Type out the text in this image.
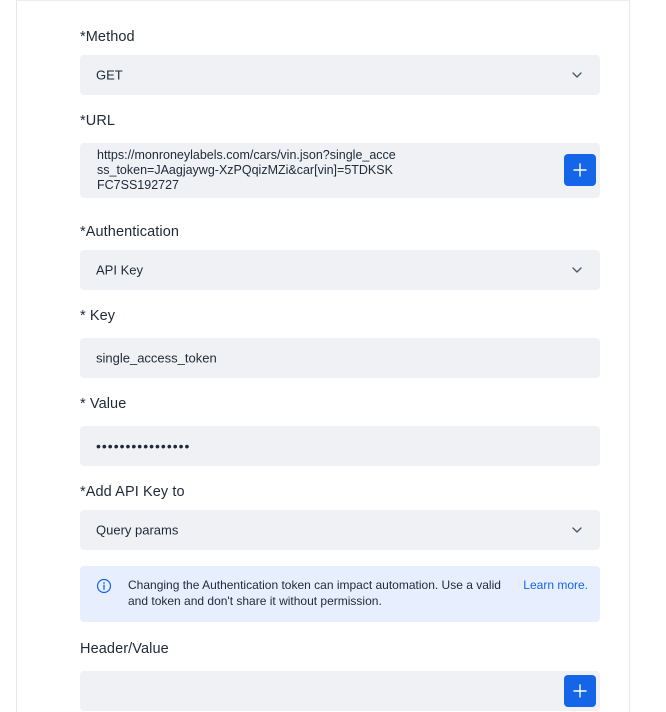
*Method
GET
*URL
https://monroneylabels.com/cars/vin.json?single_access_token=JAagjaywg-XzPQqizMZi&car[vin]=5TDKSKFC7SS192727
*Authentication
API Key
* Key
single_access_token
* Value
••••••••••••••••
*Add API Key to
Query params
Changing the Authentication token can impact automation. Use a valid and token and don't share it without permission.
Learn more.
Header/Value
